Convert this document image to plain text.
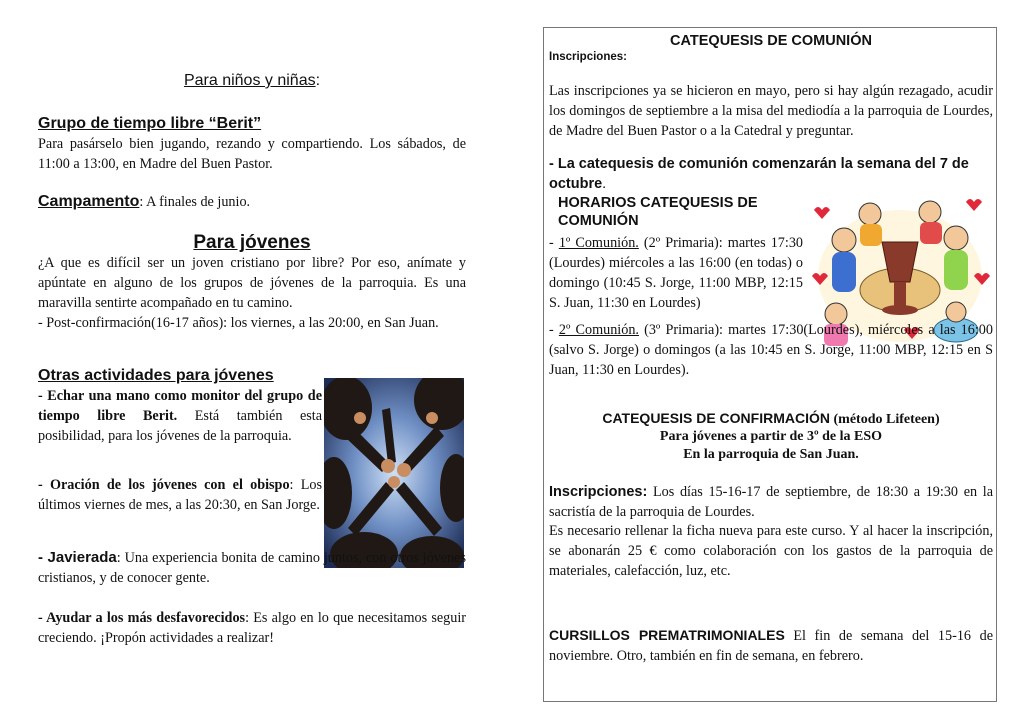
Para niños y niñas:
Grupo de tiempo libre “Berit”
Para pasárselo bien jugando, rezando y compartiendo. Los sábados, de 11:00 a 13:00, en Madre del Buen Pastor.
Campamento: A finales de junio.
Para jóvenes
¿A que es difícil ser un joven cristiano por libre? Por eso, anímate y apúntate en alguno de los grupos de jóvenes de la parroquia. Es una maravilla sentirte acompañado en tu camino.
- Post-confirmación(16-17 años): los viernes, a las 20:00, en San Juan.
Otras actividades para jóvenes
- Echar una mano como monitor del grupo de tiempo libre Berit. Está también esta posibilidad, para los jóvenes de la parroquia.
- Oración de los jóvenes con el obispo: Los últimos viernes de mes, a las 20:30, en San Jorge.
- Javierada: Una experiencia bonita de camino juntos, con otros jóvenes cristianos, y de conocer gente.
- Ayudar a los más desfavorecidos: Es algo en lo que necesitamos seguir creciendo. ¡Propón actividades a realizar!
CATEQUESIS DE COMUNIÓN
Inscripciones:
Las inscripciones ya se hicieron en mayo, pero si hay algún rezagado, acudir los domingos de septiembre a la misa del mediodía a la parroquia de Lourdes, de Madre del Buen Pastor o a la Catedral y preguntar.
- La catequesis de comunión comenzarán la semana del 7 de octubre.
HORARIOS CATEQUESIS DE COMUNIÓN
- 1º Comunión. (2º Primaria): martes 17:30 (Lourdes) miércoles a las 16:00 (en todas) o domingo (10:45 S. Jorge, 11:00 MBP, 12:15 S. Juan, 11:30 en Lourdes)
- 2º Comunión. (3º Primaria): martes 17:30(Lourdes), miércoles a las 16:00 (salvo S. Jorge) o domingos (a las 10:45 en S. Jorge, 11:00 MBP, 12:15 en S Juan, 11:30 en Lourdes).
CATEQUESIS DE CONFIRMACIÓN (método Lifeteen)
Para jóvenes a partir de 3º de la ESO
En la parroquia de San Juan.
Inscripciones: Los días 15-16-17 de septiembre, de 18:30 a 19:30 en la sacristía de la parroquia de Lourdes.
Es necesario rellenar la ficha nueva para este curso. Y al hacer la inscripción, se abonarán 25 € como colaboración con los gastos de la parroquia de materiales, calefacción, luz, etc.
CURSILLOS PREMATRIMONIALES El fin de semana del 15-16 de noviembre. Otro, también en fin de semana, en febrero.
